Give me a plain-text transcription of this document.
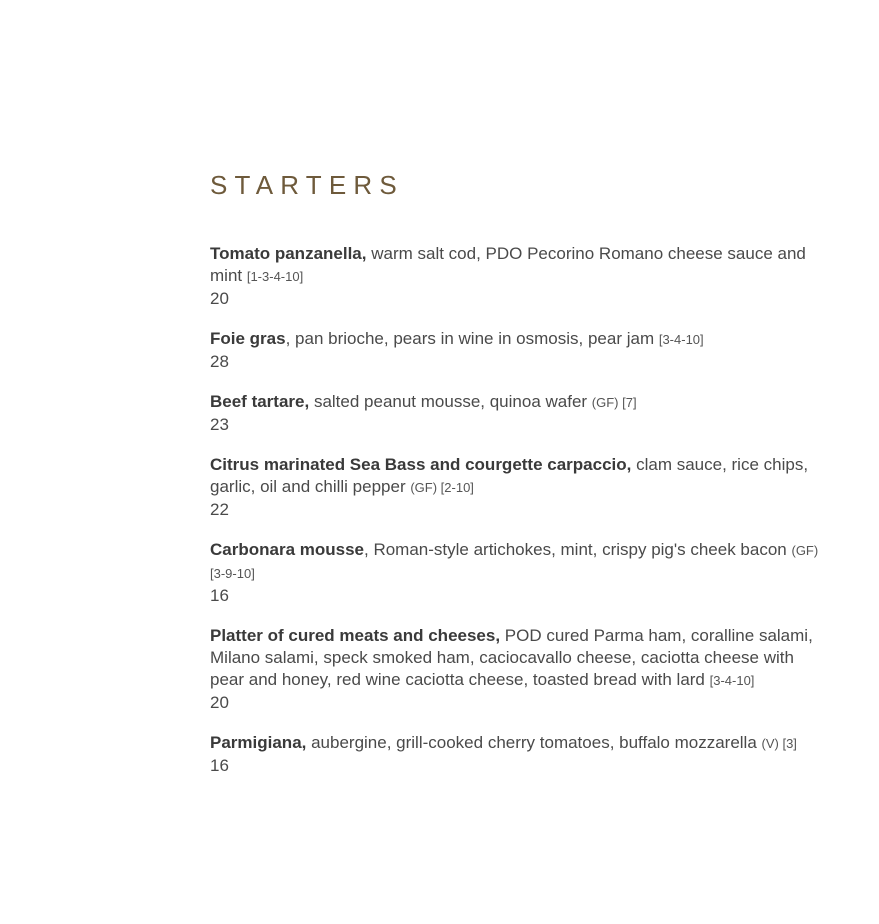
STARTERS
Tomato panzanella, warm salt cod, PDO Pecorino Romano cheese sauce and mint [1-3-4-10]
20
Foie gras, pan brioche, pears in wine in osmosis, pear jam [3-4-10]
28
Beef tartare, salted peanut mousse, quinoa wafer (GF) [7]
23
Citrus marinated Sea Bass and courgette carpaccio, clam sauce, rice chips, garlic, oil and chilli pepper (GF) [2-10]
22
Carbonara mousse, Roman-style artichokes, mint, crispy pig's cheek bacon (GF) [3-9-10]
16
Platter of cured meats and cheeses, POD cured Parma ham, coralline salami, Milano salami, speck smoked ham, caciocavallo cheese, caciotta cheese with pear and honey, red wine caciotta cheese, toasted bread with lard [3-4-10]
20
Parmigiana, aubergine, grill-cooked cherry tomatoes, buffalo mozzarella (V) [3]
16
